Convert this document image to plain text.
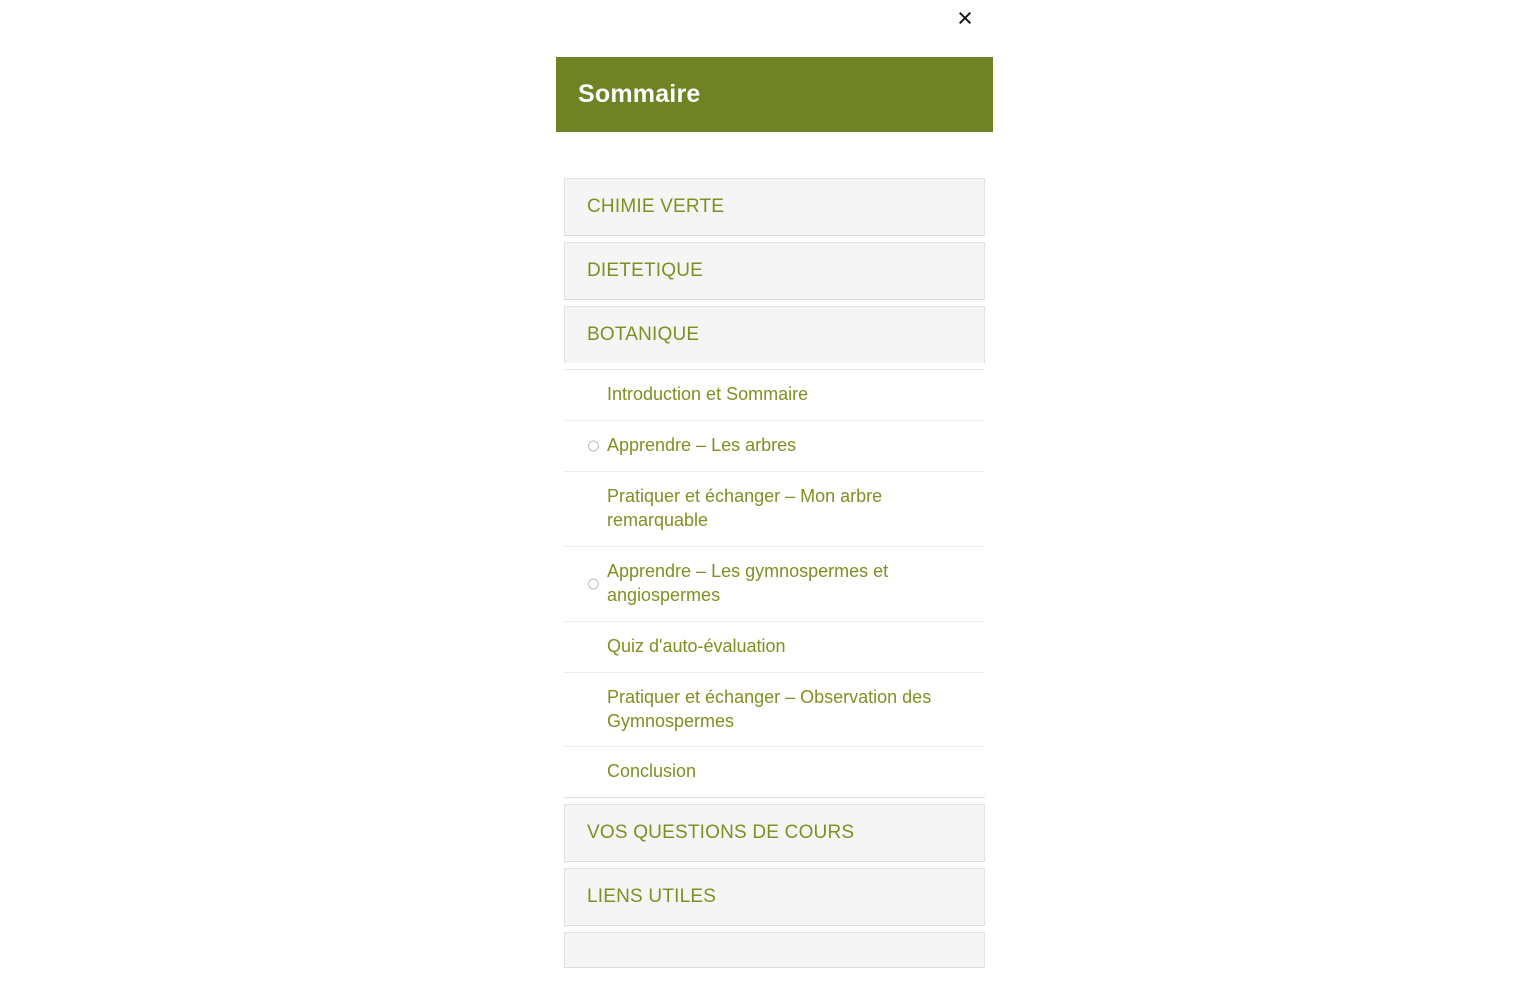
×
Sommaire
CHIMIE VERTE
DIETETIQUE
BOTANIQUE
Introduction et Sommaire
Apprendre – Les arbres
Pratiquer et échanger – Mon arbre remarquable
Apprendre – Les gymnospermes et angiospermes
Quiz d'auto-évaluation
Pratiquer et échanger – Observation des Gymnospermes
Conclusion
VOS QUESTIONS DE COURS
LIENS UTILES
